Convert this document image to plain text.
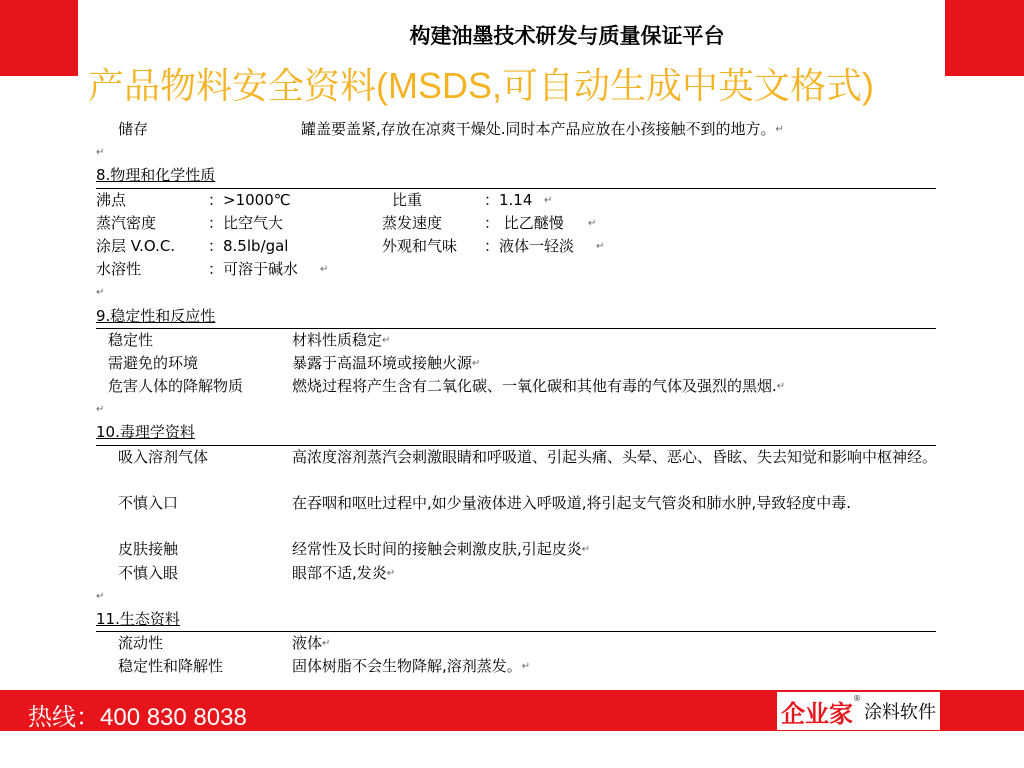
构建油墨技术研发与质量保证平台
产品物料安全资料(MSDS,可自动生成中英文格式)
储存	罐盖要盖紧,存放在凉爽干燥处.同时本产品应放在小孩接触不到的地方。↵
↵
8.物理和化学性质
沸点	：>1000℃	比重	：1.14 ↵
蒸汽密度	：比空气大	蒸发速度	： 比乙醚慢 ↵
涂层 V.O.C. ：8.5lb/gal	外观和气味 ：液体一轻淡 ↵
水溶性	：可溶于碱水 ↵
↵
9.稳定性和反应性
稳定性	材料性质稳定↵
需避免的环境	暴露于高温环境或接触火源↵
危害人体的降解物质	燃烧过程将产生含有二氧化碳、一氧化碳和其他有毒的气体及强烈的黑烟.↵
↵
10.毒理学资料
吸入溶剂气体	高浓度溶剂蒸汽会刺激眼睛和呼吸道、引起头痛、头晕、恶心、昏眩、失去知觉和影响中枢神经。
不慎入口	在吞咽和呕吐过程中,如少量液体进入呼吸道,将引起支气管炎和肺水肿,导致轻度中毒.
皮肤接触	经常性及长时间的接触会刺激皮肤,引起皮炎↵
不慎入眼	眼部不适,发炎↵
↵
11.生态资料
流动性	液体↵
稳定性和降解性	固体树脂不会生物降解,溶剂蒸发。↵
热线：400 830 8038	企业家 ®
涂料软件
